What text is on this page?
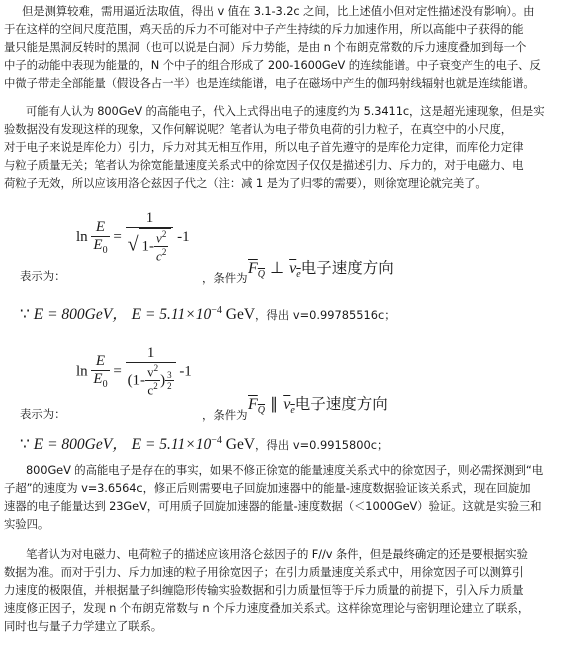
但是测算较难，需用逼近法取值，得出 v 值在 3.1-3.2c 之间，比上述值小但对定性描述没有影响）。由
于在这样的空间尺度范围，鸡天岳的斥力不可能对中子产生持续的斥力加速作用，所以高能中子获得的能
量只能是黑洞反转时的黑洞（也可以说是白洞）斥力势能，是由 n 个布朗克常数的斥力速度叠加到每一个
中子的动能中表现为能量的，N 个中子的组合形成了 200-1600GeV 的连续能谱。中子衰变产生的电子、反
中微子带走全部能量（假设各占一半）也是连续能谱，电子在磁场中产生的伽玛射线辐射也就是连续能谱。
可能有人认为 800GeV 的高能电子，代入上式得出电子的速度约为 5.3411c，这是超光速现象，但是实
验数据没有发现这样的现象，又作何解说呢？笔者认为电子带负电荷的引力粒子，在真空中的小尺度，
对于电子来说是库伦力）引力，斥力对其无相互作用，所以电子首先遵守的是库伦力定律，而库伦力定律
与粒子质量无关；笔者认为徐宽能量速度关系式中的徐宽因子仅仅是描述引力、斥力的，对于电磁力、电
荷粒子无效，所以应该用洛仑兹因子代之（注：减 1 是为了归零的需要），则徐宽理论就完美了。
$\ln \frac{E}{E_0} = \frac{1}{√ 1- \frac{v^2}{c^2}} -1$
表示为：	，条件为
$F_Q$ ⊥ $v_e$电子速度方向
∵ E = 800GeV， $E = 5.11\times 10^{-4}$ GeV，得出 v=0.99785516c；
$\ln \frac{E}{E_0} = \frac{1}{(1- \frac{v^2}{c^2} ) \frac{3}{2}} -1$
表示为：	，条件为
$F_Q$ ∥ $v_e$电子速度方向
∵ E = 800GeV， $E = 5.11\times 10^{-4}$ GeV，得出 v=0.9915800c；
800GeV 的高能电子是存在的事实，如果不修正徐宽的能量速度关系式中的徐宽因子，则必需探测到“电
子超”的速度为 v=3.6564c，修正后则需要电子回旋加速器中的能量-速度数据验证该关系式，现在回旋加
速器的电子能量达到 23GeV，可用质子回旋加速器的能量-速度数据（＜1000GeV）验证。这就是实验三和
实验四。
笔者认为对电磁力、电荷粒子的描述应该用洛仑兹因子的 F//v 条件，但是最终确定的还是要根据实验
数据为准。而对于引力、斥力加速的粒子用徐宽因子；在引力质量速度关系式中，用徐宽因子可以测算引
力速度的极限值，并根据量子纠缠隐形传输实验数据和引力质量恒等于斥力质量的前提下，引入斥力质量
速度修正因子，发现 n 个布朗克常数与 n 个斥力速度叠加关系式。这样徐宽理论与密钥理论建立了联系，
同时也与量子力学建立了联系。
